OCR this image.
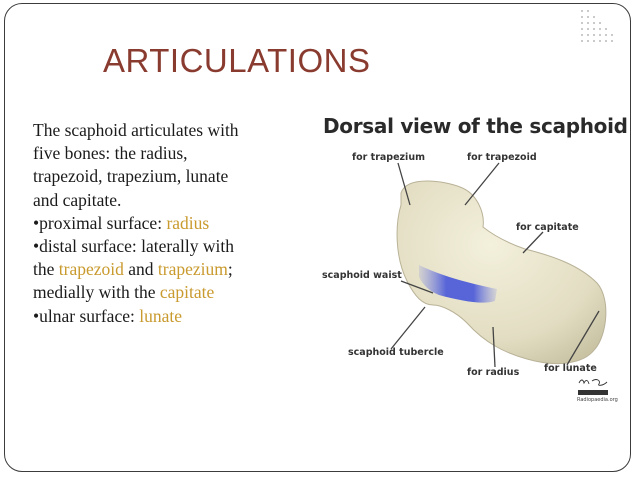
ARTICULATIONS
The scaphoid articulates with
five bones: the radius,
trapezoid, trapezium, lunate
and capitate.
•proximal surface: radius
•distal surface: laterally with
the trapezoid and trapezium;
medially with the capitate
•ulnar surface: lunate
Dorsal view of the scaphoid
for trapezium	for trapezoid
for capitate
scaphoid waist
scaphoid tubercle
for radius	for lunate
Radiopaedia.org
